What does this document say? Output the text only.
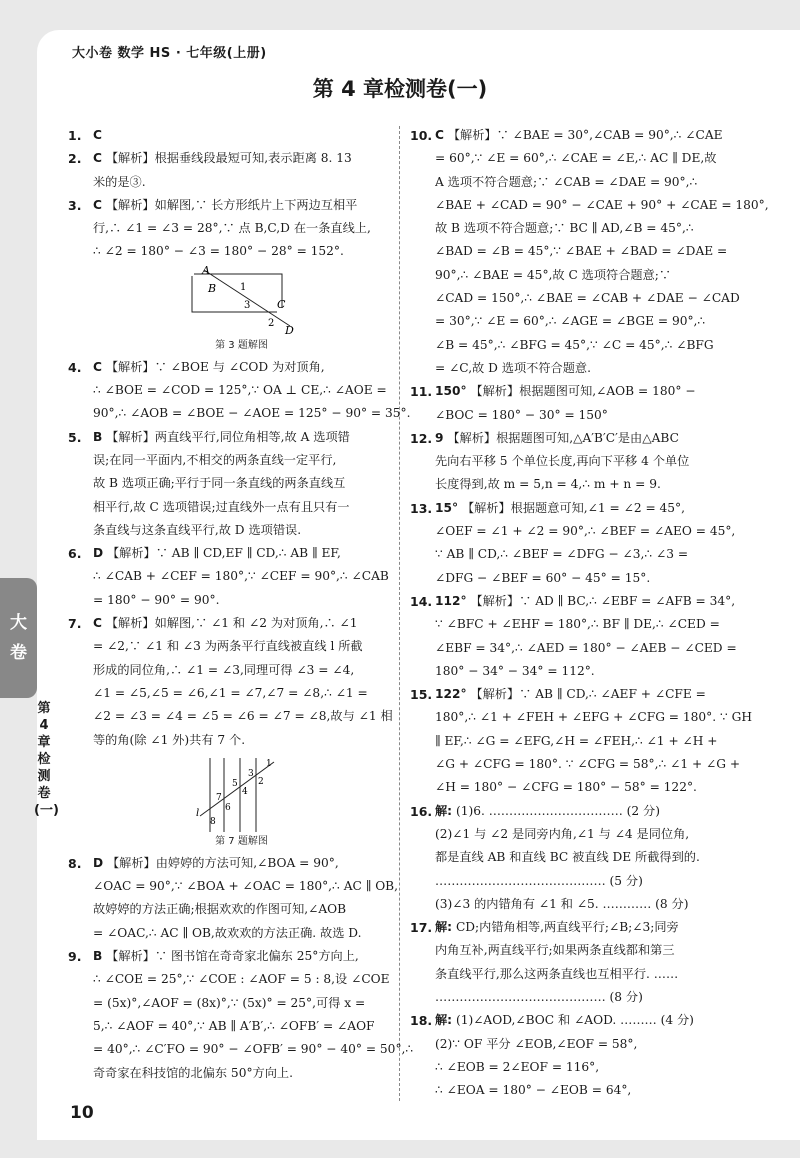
大小卷 数学 HS · 七年级(上册)
第 4 章检测卷(一)
大
卷
第4章检测卷(一)
1. C
2. C 【解析】根据垂线段最短可知,表示距离 8. 13
米的是③.
3. C 【解析】如解图,∵ 长方形纸片上下两边互相平
行,∴ ∠1 = ∠3 = 28°,∵ 点 B,C,D 在一条直线上,
∴ ∠2 = 180° − ∠3 = 180° − 28° = 152°.
A
B 1
3 C
2
D
第 3 题解图
4. C 【解析】∵ ∠BOE 与 ∠COD 为对顶角,
∴ ∠BOE = ∠COD = 125°,∵ OA ⊥ CE,∴ ∠AOE =
90°,∴ ∠AOB = ∠BOE − ∠AOE = 125° − 90° = 35°.
5. B 【解析】两直线平行,同位角相等,故 A 选项错
误;在同一平面内,不相交的两条直线一定平行,
故 B 选项正确;平行于同一条直线的两条直线互
相平行,故 C 选项错误;过直线外一点有且只有一
条直线与这条直线平行,故 D 选项错误.
6. D 【解析】∵ AB ∥ CD,EF ∥ CD,∴ AB ∥ EF,
∴ ∠CAB + ∠CEF = 180°,∵ ∠CEF = 90°,∴ ∠CAB
= 180° − 90° = 90°.
7. C 【解析】如解图,∵ ∠1 和 ∠2 为对顶角,∴ ∠1
= ∠2,∵ ∠1 和 ∠3 为两条平行直线被直线 l 所截
形成的同位角,∴ ∠1 = ∠3,同理可得 ∠3 = ∠4,
∠1 = ∠5,∠5 = ∠6,∠1 = ∠7,∠7 = ∠8,∴ ∠1 =
∠2 = ∠3 = ∠4 = ∠5 = ∠6 = ∠7 = ∠8,故与 ∠1 相
等的角(除 ∠1 外)共有 7 个.
l
1
3
2
5
4
7
6
8
第 7 题解图
8. D 【解析】由婷婷的方法可知,∠BOA = 90°,
∠OAC = 90°,∵ ∠BOA + ∠OAC = 180°,∴ AC ∥ OB,
故婷婷的方法正确;根据欢欢的作图可知,∠AOB
= ∠OAC,∴ AC ∥ OB,故欢欢的方法正确. 故选 D.
9. B 【解析】∵ 图书馆在奇奇家北偏东 25°方向上,
∴ ∠COE = 25°,∵ ∠COE : ∠AOF = 5 : 8,设 ∠COE
= (5x)°,∠AOF = (8x)°,∵ (5x)° = 25°,可得 x =
5,∴ ∠AOF = 40°,∵ AB ∥ A′B′,∴ ∠OFB′ = ∠AOF
= 40°,∴ ∠C′FO = 90° − ∠OFB′ = 90° − 40° = 50°,∴
奇奇家在科技馆的北偏东 50°方向上.
10. C 【解析】∵ ∠BAE = 30°,∠CAB = 90°,∴ ∠CAE
= 60°,∵ ∠E = 60°,∴ ∠CAE = ∠E,∴ AC ∥ DE,故
A 选项不符合题意;∵ ∠CAB = ∠DAE = 90°,∴
∠BAE + ∠CAD = 90° − ∠CAE + 90° + ∠CAE = 180°,
故 B 选项不符合题意;∵ BC ∥ AD,∠B = 45°,∴
∠BAD = ∠B = 45°,∵ ∠BAE + ∠BAD = ∠DAE =
90°,∴ ∠BAE = 45°,故 C 选项符合题意;∵
∠CAD = 150°,∴ ∠BAE = ∠CAB + ∠DAE − ∠CAD
= 30°,∵ ∠E = 60°,∴ ∠AGE = ∠BGE = 90°,∴
∠B = 45°,∴ ∠BFG = 45°,∵ ∠C = 45°,∴ ∠BFG
= ∠C,故 D 选项不符合题意.
11. 150° 【解析】根据题图可知,∠AOB = 180° −
∠BOC = 180° − 30° = 150°
12. 9 【解析】根据题图可知,△A′B′C′是由△ABC
先向右平移 5 个单位长度,再向下平移 4 个单位
长度得到,故 m = 5,n = 4,∴ m + n = 9.
13. 15° 【解析】根据题意可知,∠1 = ∠2 = 45°,
∠OEF = ∠1 + ∠2 = 90°,∴ ∠BEF = ∠AEO = 45°,
∵ AB ∥ CD,∴ ∠BEF = ∠DFG − ∠3,∴ ∠3 =
∠DFG − ∠BEF = 60° − 45° = 15°.
14. 112° 【解析】∵ AD ∥ BC,∴ ∠EBF = ∠AFB = 34°,
∵ ∠BFC + ∠EHF = 180°,∴ BF ∥ DE,∴ ∠CED =
∠EBF = 34°,∴ ∠AED = 180° − ∠AEB − ∠CED =
180° − 34° − 34° = 112°.
15. 122° 【解析】∵ AB ∥ CD,∴ ∠AEF + ∠CFE =
180°,∴ ∠1 + ∠FEH + ∠EFG + ∠CFG = 180°. ∵ GH
∥ EF,∴ ∠G = ∠EFG,∠H = ∠FEH,∴ ∠1 + ∠H +
∠G + ∠CFG = 180°. ∵ ∠CFG = 58°,∴ ∠1 + ∠G +
∠H = 180° − ∠CFG = 180° − 58° = 122°.
16. 解: (1)6. …………………………… (2 分)
(2)∠1 与 ∠2 是同旁内角,∠1 与 ∠4 是同位角,
都是直线 AB 和直线 BC 被直线 DE 所截得到的.
…………………………………… (5 分)
(3)∠3 的内错角有 ∠1 和 ∠5. ………… (8 分)
17. 解: CD;内错角相等,两直线平行;∠B;∠3;同旁
内角互补,两直线平行;如果两条直线都和第三
条直线平行,那么这两条直线也互相平行. ……
…………………………………… (8 分)
18. 解: (1)∠AOD,∠BOC 和 ∠AOD. ……… (4 分)
(2)∵ OF 平分 ∠EOB,∠EOF = 58°,
∴ ∠EOB = 2∠EOF = 116°,
∴ ∠EOA = 180° − ∠EOB = 64°,
10
